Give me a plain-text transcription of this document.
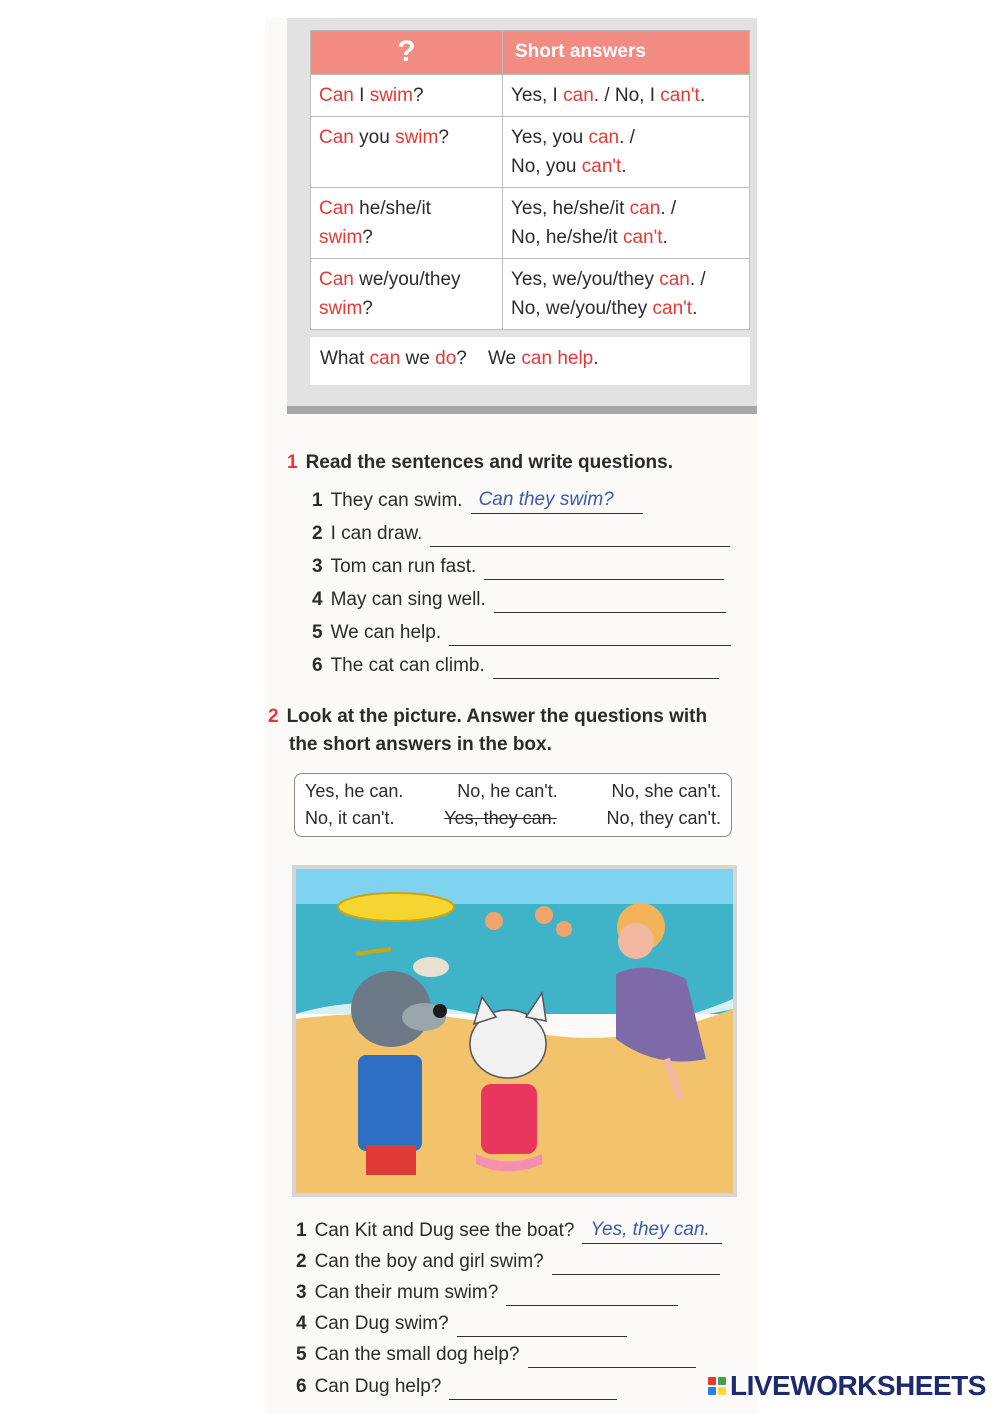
?	Short answers
Can I swim?	Yes, I can. / No, I can't.
Can you swim?	Yes, you can. /
No, you can't.
Can he/she/it
swim?	Yes, he/she/it can. /
No, he/she/it can't.
Can we/you/they
swim?	Yes, we/you/they can. /
No, we/you/they can't.
What can we do?    We can help.
1 Read the sentences and write questions.
1 They can swim. Can they swim?
2 I can draw.
3 Tom can run fast.
4 May can sing well.
5 We can help.
6 The cat can climb.
2 Look at the picture. Answer the questions with
the short answers in the box.
Yes, he can.	No, he can't.	No, she can't.
No, it can't.	Yes, they can.	No, they can't.
1 Can Kit and Dug see the boat? Yes, they can.
2 Can the boy and girl swim?
3 Can their mum swim?
4 Can Dug swim?
5 Can the small dog help?
6 Can Dug help?	LIVEWORKSHEETS
